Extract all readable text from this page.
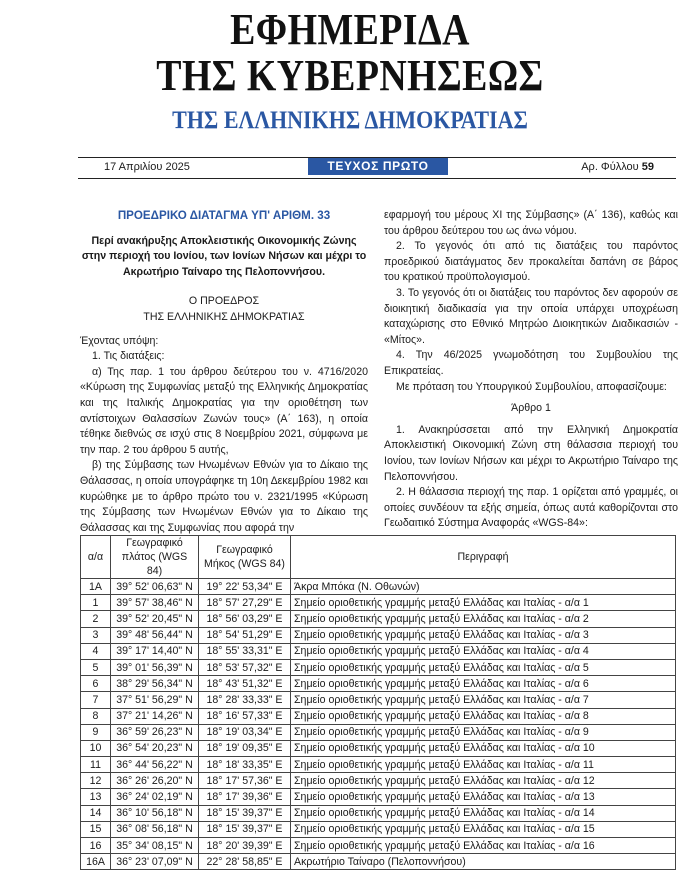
ΕΦΗΜΕΡΙΔΑ
ΤΗΣ ΚΥΒΕΡΝΗΣΕΩΣ
ΤΗΣ ΕΛΛΗΝΙΚΗΣ ΔΗΜΟΚΡΑΤΙΑΣ
17 Απριλίου 2025	ΤΕΥΧΟΣ ΠΡΩΤΟ	Αρ. Φύλλου 59

ΠΡΟΕΔΡΙΚΟ ΔΙΑΤΑΓΜΑ ΥΠ' ΑΡΙΘΜ. 33

Περί ανακήρυξης Αποκλειστικής Οικονομικής Ζώνης στην περιοχή του Ιονίου, των Ιονίων Νήσων και μέχρι το Ακρωτήριο Ταίναρο της Πελοποννήσου.

Ο ΠΡΟΕΔΡΟΣ

ΤΗΣ ΕΛΛΗΝΙΚΗΣ ΔΗΜΟΚΡΑΤΙΑΣ

Έχοντας υπόψη:

1. Τις διατάξεις:

α) Της παρ. 1 του άρθρου δεύτερου του ν. 4716/2020 «Κύρωση της Συμφωνίας μεταξύ της Ελληνικής Δημοκρατίας και της Ιταλικής Δημοκρατίας για την οριοθέτηση των αντίστοιχων Θαλασσίων Ζωνών τους» (Α΄ 163), η οποία τέθηκε διεθνώς σε ισχύ στις 8 Νοεμβρίου 2021, σύμφωνα με την παρ. 2 του άρθρου 5 αυτής,

β) της Σύμβασης των Ηνωμένων Εθνών για το Δίκαιο της Θάλασσας, η οποία υπογράφηκε τη 10η Δεκεμβρίου 1982 και κυρώθηκε με το άρθρο πρώτο του ν. 2321/1995 «Κύρωση της Σύμβασης των Ηνωμένων Εθνών για το Δίκαιο της Θάλασσας και της Συμφωνίας που αφορά την

εφαρμογή του μέρους XI της Σύμβασης» (Α΄ 136), καθώς και του άρθρου δεύτερου του ως άνω νόμου.

2. Το γεγονός ότι από τις διατάξεις του παρόντος προεδρικού διατάγματος δεν προκαλείται δαπάνη σε βάρος του κρατικού προϋπολογισμού.

3. Το γεγονός ότι οι διατάξεις του παρόντος δεν αφορούν σε διοικητική διαδικασία για την οποία υπάρχει υποχρέωση καταχώρισης στο Εθνικό Μητρώο Διοικητικών Διαδικασιών - «Μίτος».

4. Την 46/2025 γνωμοδότηση του Συμβουλίου της Επικρατείας.

Με πρόταση του Υπουργικού Συμβουλίου, αποφασίζουμε:

Άρθρο 1

1. Ανακηρύσσεται από την Ελληνική Δημοκρατία Αποκλειστική Οικονομική Ζώνη στη θάλασσια περιοχή του Ιονίου, των Ιονίων Νήσων και μέχρι το Ακρωτήριο Ταίναρο της Πελοποννήσου.

2. Η θάλασσια περιοχή της παρ. 1 ορίζεται από γραμμές, οι οποίες συνδέουν τα εξής σημεία, όπως αυτά καθορίζονται στο Γεωδαιτικό Σύστημα Αναφοράς «WGS-84»:

α/α	Γεωγραφικό πλάτος (WGS 84)	Γεωγραφικό Μήκος (WGS 84)	Περιγραφή
1Α	39° 52' 06,63" N	19° 22' 53,34" E	Άκρα Μπόκα (Ν. Οθωνών)
1	39° 57' 38,46" N	18° 57' 27,29" E	Σημείο οριοθετικής γραμμής μεταξύ Ελλάδας και Ιταλίας - α/α 1
2	39° 52' 20,45" N	18° 56' 03,29" E	Σημείο οριοθετικής γραμμής μεταξύ Ελλάδας και Ιταλίας - α/α 2
3	39° 48' 56,44" N	18° 54' 51,29" E	Σημείο οριοθετικής γραμμής μεταξύ Ελλάδας και Ιταλίας - α/α 3
4	39° 17' 14,40" N	18° 55' 33,31" E	Σημείο οριοθετικής γραμμής μεταξύ Ελλάδας και Ιταλίας - α/α 4
5	39° 01' 56,39" N	18° 53' 57,32" E	Σημείο οριοθετικής γραμμής μεταξύ Ελλάδας και Ιταλίας - α/α 5
6	38° 29' 56,34" N	18° 43' 51,32" E	Σημείο οριοθετικής γραμμής μεταξύ Ελλάδας και Ιταλίας - α/α 6
7	37° 51' 56,29" N	18° 28' 33,33" E	Σημείο οριοθετικής γραμμής μεταξύ Ελλάδας και Ιταλίας - α/α 7
8	37° 21' 14,26" N	18° 16' 57,33" E	Σημείο οριοθετικής γραμμής μεταξύ Ελλάδας και Ιταλίας - α/α 8
9	36° 59' 26,23" N	18° 19' 03,34" E	Σημείο οριοθετικής γραμμής μεταξύ Ελλάδας και Ιταλίας - α/α 9
10	36° 54' 20,23" N	18° 19' 09,35" E	Σημείο οριοθετικής γραμμής μεταξύ Ελλάδας και Ιταλίας - α/α 10
11	36° 44' 56,22" N	18° 18' 33,35" E	Σημείο οριοθετικής γραμμής μεταξύ Ελλάδας και Ιταλίας - α/α 11
12	36° 26' 26,20" N	18° 17' 57,36" E	Σημείο οριοθετικής γραμμής μεταξύ Ελλάδας και Ιταλίας - α/α 12
13	36° 24' 02,19" N	18° 17' 39,36" E	Σημείο οριοθετικής γραμμής μεταξύ Ελλάδας και Ιταλίας - α/α 13
14	36° 10' 56,18" N	18° 15' 39,37" E	Σημείο οριοθετικής γραμμής μεταξύ Ελλάδας και Ιταλίας - α/α 14
15	36° 08' 56,18" N	18° 15' 39,37" E	Σημείο οριοθετικής γραμμής μεταξύ Ελλάδας και Ιταλίας - α/α 15
16	35° 34' 08,15" N	18° 20' 39,39" E	Σημείο οριοθετικής γραμμής μεταξύ Ελλάδας και Ιταλίας - α/α 16
16Α	36° 23' 07,09" N	22° 28' 58,85" E	Ακρωτήριο Ταίναρο (Πελοποννήσου)
